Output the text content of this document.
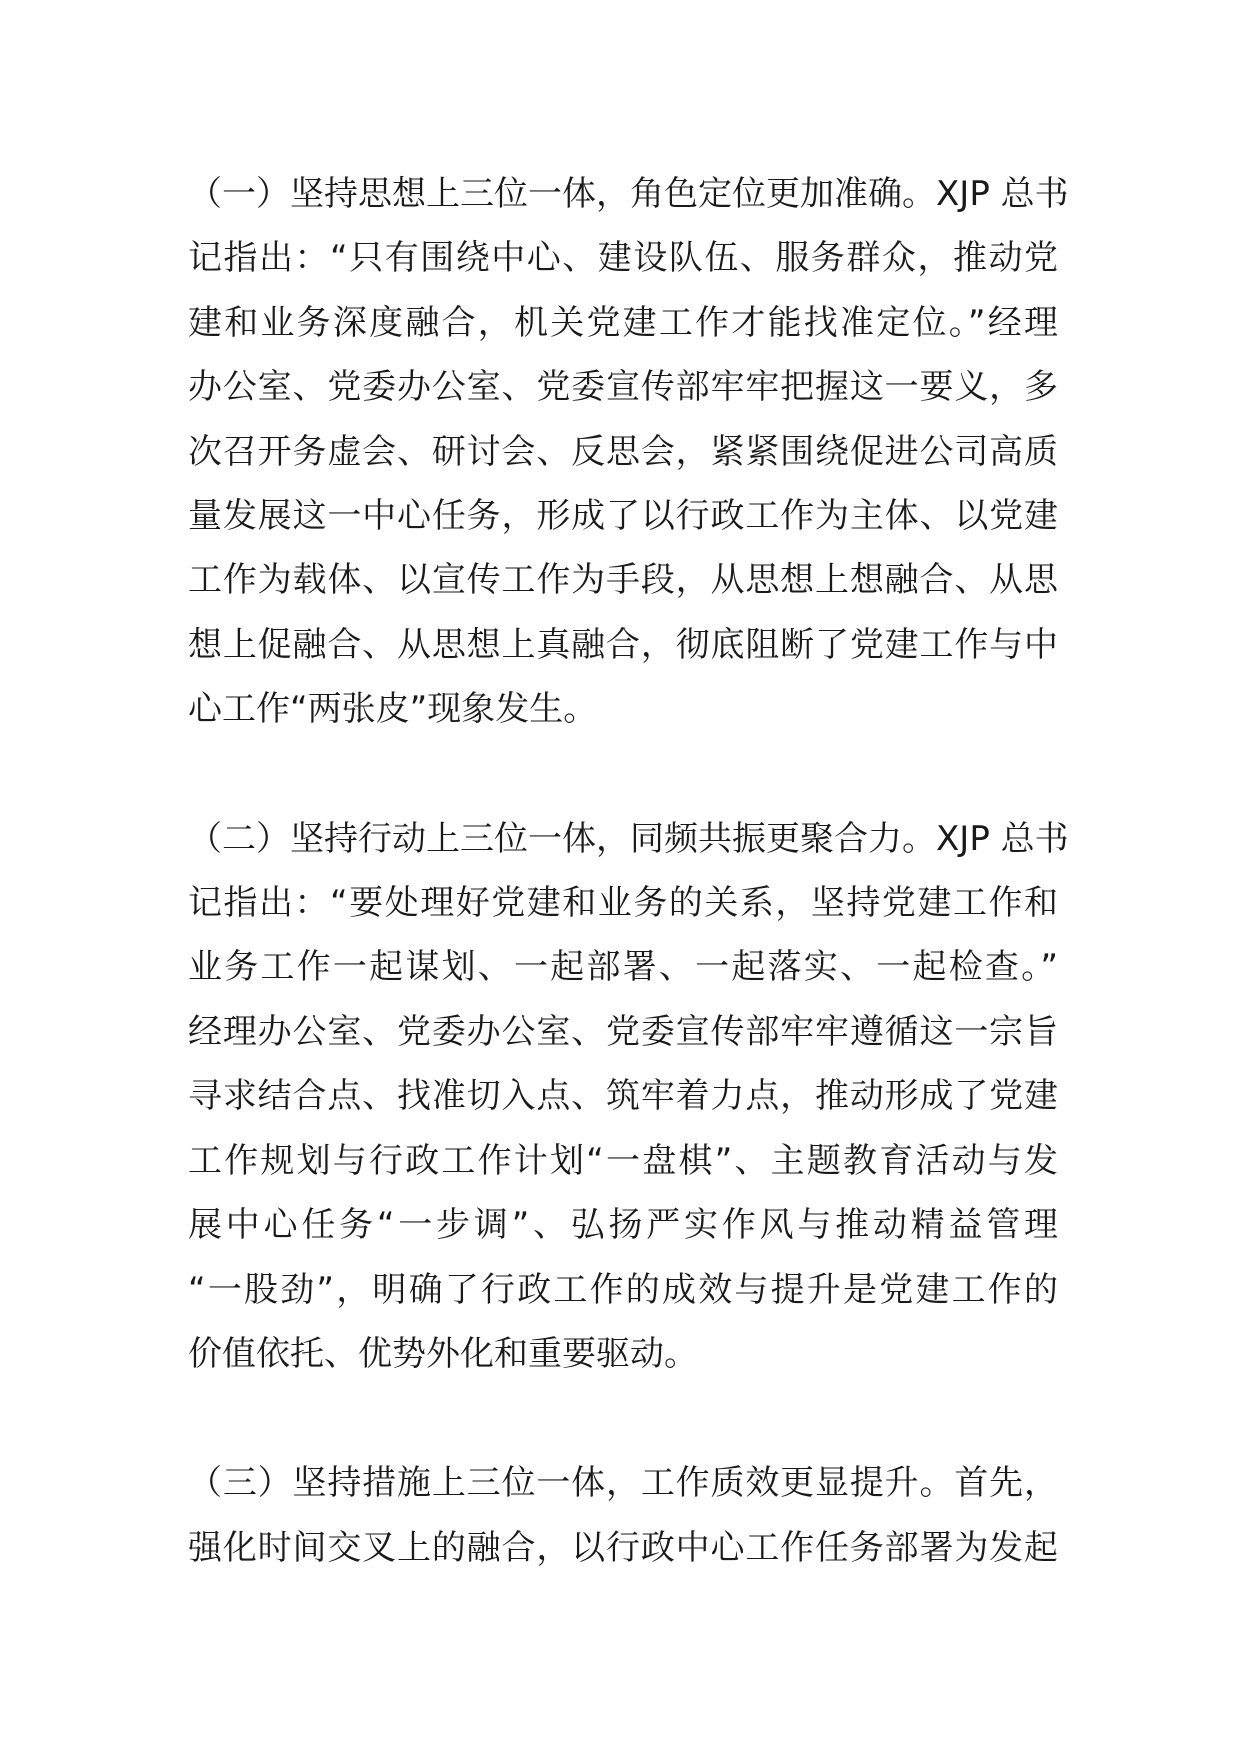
（一）坚持思想上三位一体，角色定位更加准确。XJP 总书
记指出：“只有围绕中心、建设队伍、服务群众，推动党
建和业务深度融合，机关党建工作才能找准定位。”经理
办公室、党委办公室、党委宣传部牢牢把握这一要义，多
次召开务虚会、研讨会、反思会，紧紧围绕促进公司高质
量发展这一中心任务，形成了以行政工作为主体、以党建
工作为载体、以宣传工作为手段，从思想上想融合、从思
想上促融合、从思想上真融合，彻底阻断了党建工作与中
心工作“两张皮”现象发生。

（二）坚持行动上三位一体，同频共振更聚合力。XJP 总书
记指出：“要处理好党建和业务的关系，坚持党建工作和
业务工作一起谋划、一起部署、一起落实、一起检查。”
经理办公室、党委办公室、党委宣传部牢牢遵循这一宗旨
寻求结合点、找准切入点、筑牢着力点，推动形成了党建
工作规划与行政工作计划“一盘棋”、主题教育活动与发
展中心任务“一步调”、弘扬严实作风与推动精益管理
“一股劲”，明确了行政工作的成效与提升是党建工作的
价值依托、优势外化和重要驱动。

（三）坚持措施上三位一体，工作质效更显提升。首先，
强化时间交叉上的融合，以行政中心工作任务部署为发起
